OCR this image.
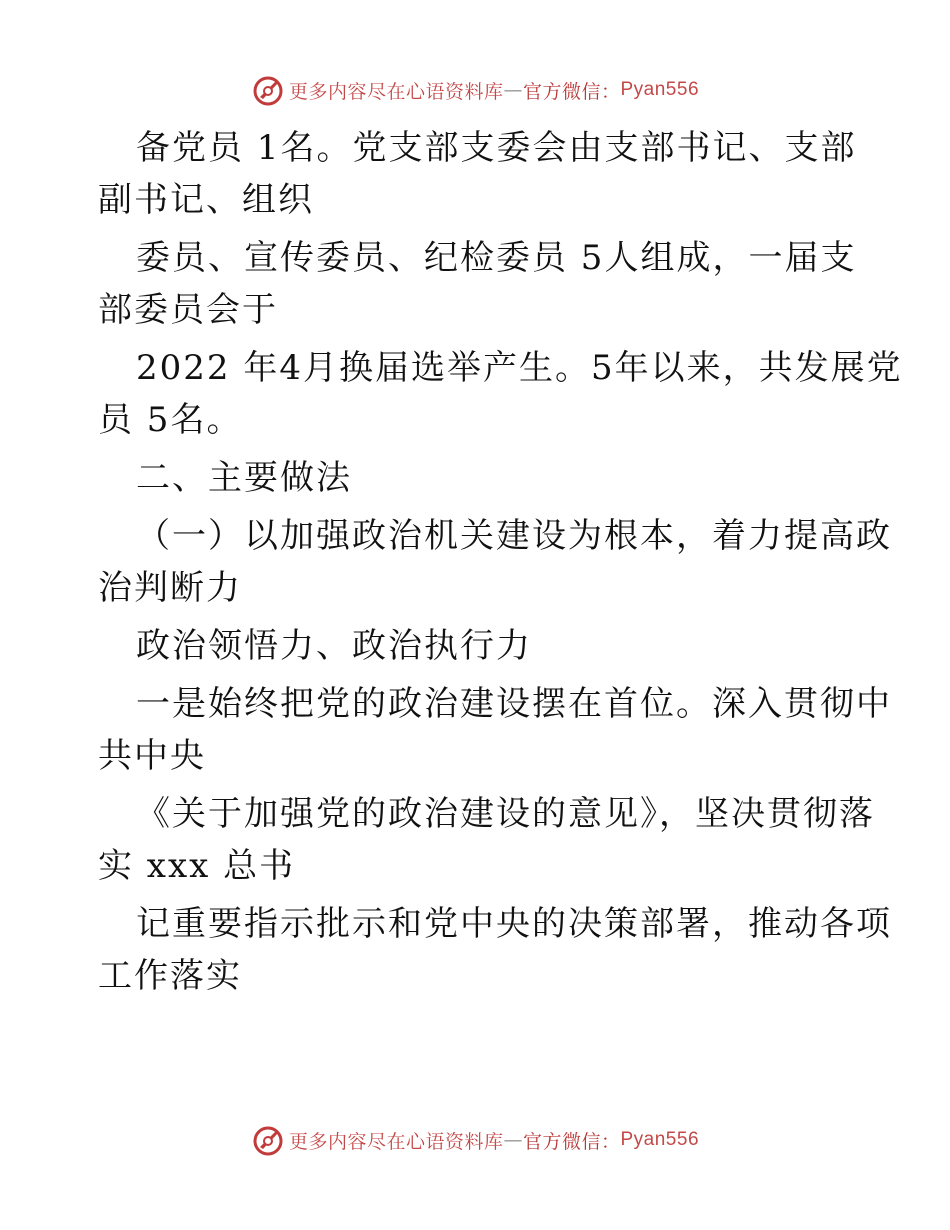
更多内容尽在心语资料库 — 官方微信： Pyan556
备党员 1名。党支部支委会由支部书记、支部
副书记、组织
委员、宣传委员、纪检委员 5人组成，一届支
部委员会于
2022 年4月换届选举产生。5年以来，共发展党
员 5名。
二、主要做法
（一）以加强政治机关建设为根本，着力提高政
治判断力
政治领悟力、政治执行力
一是始终把党的政治建设摆在首位。深入贯彻中
共中央
《关于加强党的政治建设的意见》，坚决贯彻落
实 xxx 总书
记重要指示批示和党中央的决策部署，推动各项
工作落实
更多内容尽在心语资料库 — 官方微信： Pyan556
